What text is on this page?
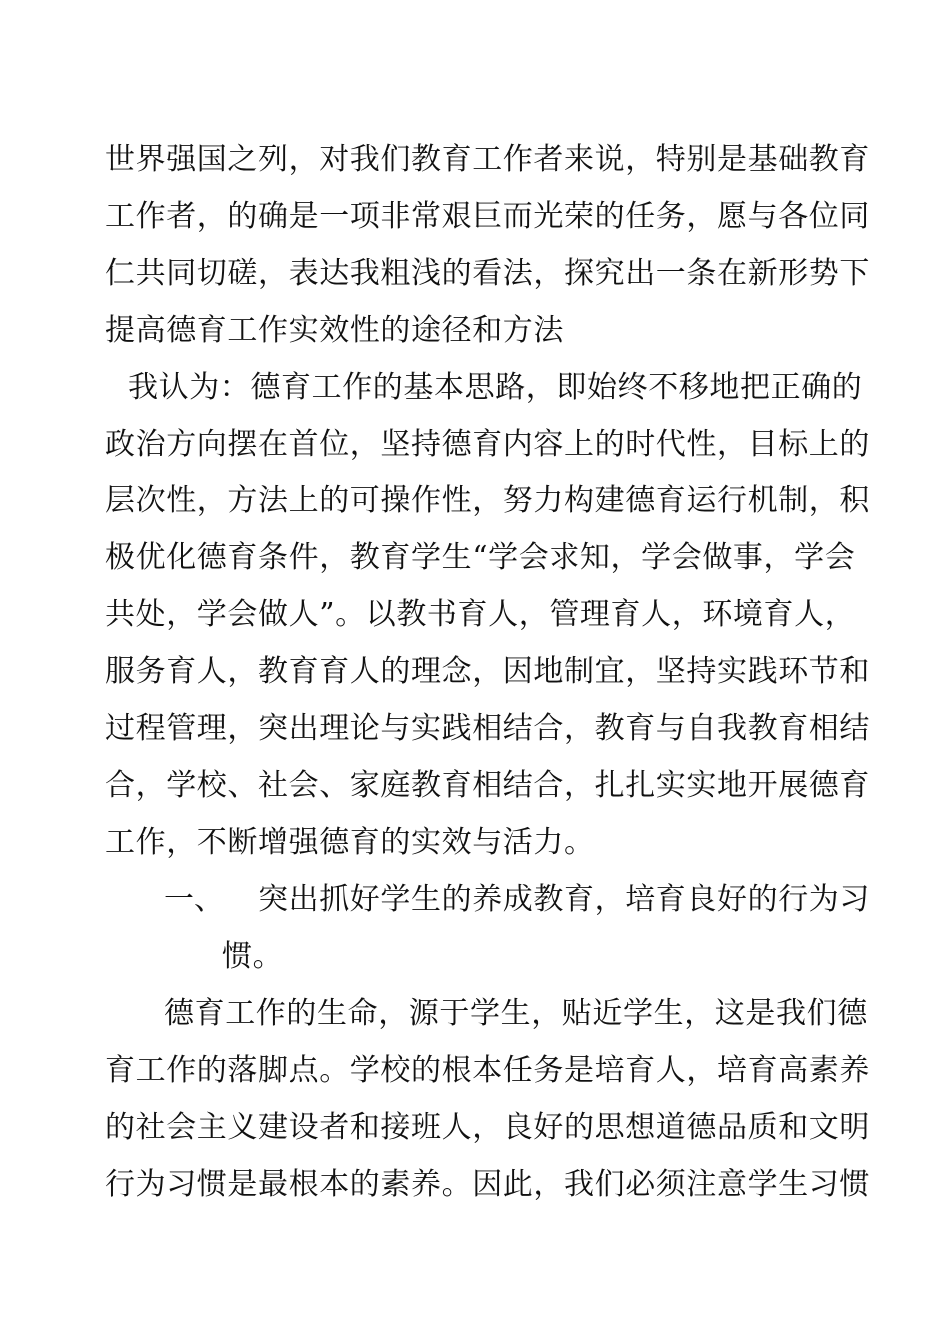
世界强国之列，对我们教育工作者来说，特别是基础教育
工作者，的确是一项非常艰巨而光荣的任务，愿与各位同
仁共同切磋，表达我粗浅的看法，探究出一条在新形势下
提高德育工作实效性的途径和方法
我认为：德育工作的基本思路，即始终不移地把正确的
政治方向摆在首位，坚持德育内容上的时代性，目标上的
层次性，方法上的可操作性，努力构建德育运行机制，积
极优化德育条件，教育学生“学会求知，学会做事，学会
共处，学会做人”。以教书育人，管理育人，环境育人，
服务育人，教育育人的理念，因地制宜，坚持实践环节和
过程管理，突出理论与实践相结合，教育与自我教育相结
合，学校、社会、家庭教育相结合，扎扎实实地开展德育
工作，不断增强德育的实效与活力。
一、 突出抓好学生的养成教育，培育良好的行为习
惯。
德育工作的生命，源于学生，贴近学生，这是我们德
育工作的落脚点。学校的根本任务是培育人，培育高素养
的社会主义建设者和接班人，良好的思想道德品质和文明
行为习惯是最根本的素养。因此，我们必须注意学生习惯
